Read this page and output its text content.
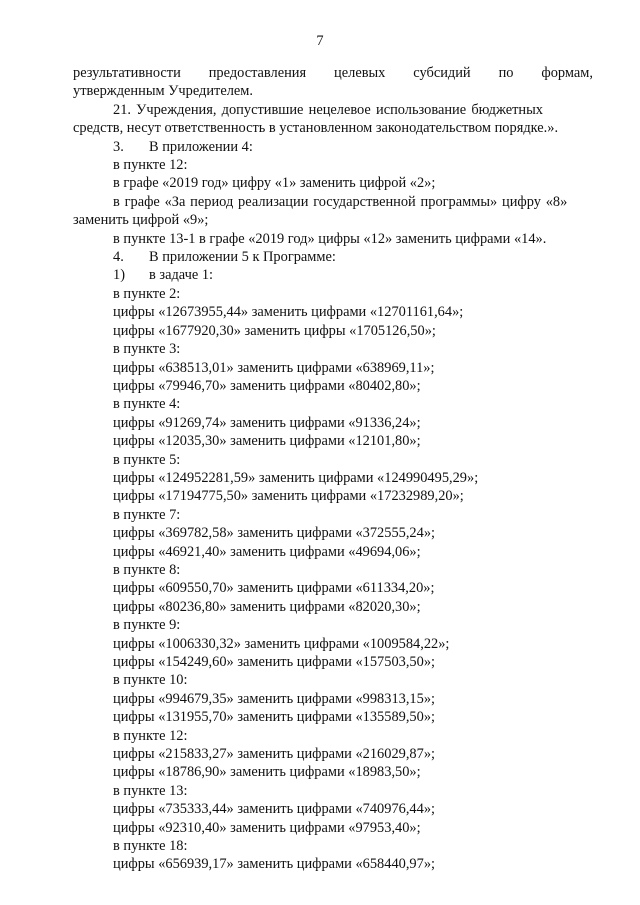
7
результативности предоставления целевых субсидий по формам,
утвержденным Учредителем.
21. Учреждения, допустившие нецелевое использование бюджетных
средств, несут ответственность в установленном законодательством порядке.».
3. В приложении 4:
в пункте 12:
в графе «2019 год» цифру «1» заменить цифрой «2»;
в графе «За период реализации государственной программы» цифру «8»
заменить цифрой «9»;
в пункте 13-1 в графе «2019 год» цифры «12» заменить цифрами «14».
4. В приложении 5 к Программе:
1) в задаче 1:
в пункте 2:
цифры «12673955,44» заменить цифрами «12701161,64»;
цифры «1677920,30» заменить цифры «1705126,50»;
в пункте 3:
цифры «638513,01» заменить цифрами «638969,11»;
цифры «79946,70» заменить цифрами «80402,80»;
в пункте 4:
цифры «91269,74» заменить цифрами «91336,24»;
цифры «12035,30» заменить цифрами «12101,80»;
в пункте 5:
цифры «124952281,59» заменить цифрами «124990495,29»;
цифры «17194775,50» заменить цифрами «17232989,20»;
в пункте 7:
цифры «369782,58» заменить цифрами «372555,24»;
цифры «46921,40» заменить цифрами «49694,06»;
в пункте 8:
цифры «609550,70» заменить цифрами «611334,20»;
цифры «80236,80» заменить цифрами «82020,30»;
в пункте 9:
цифры «1006330,32» заменить цифрами «1009584,22»;
цифры «154249,60» заменить цифрами «157503,50»;
в пункте 10:
цифры «994679,35» заменить цифрами «998313,15»;
цифры «131955,70» заменить цифрами «135589,50»;
в пункте 12:
цифры «215833,27» заменить цифрами «216029,87»;
цифры «18786,90» заменить цифрами «18983,50»;
в пункте 13:
цифры «735333,44» заменить цифрами «740976,44»;
цифры «92310,40» заменить цифрами «97953,40»;
в пункте 18:
цифры «656939,17» заменить цифрами «658440,97»;
